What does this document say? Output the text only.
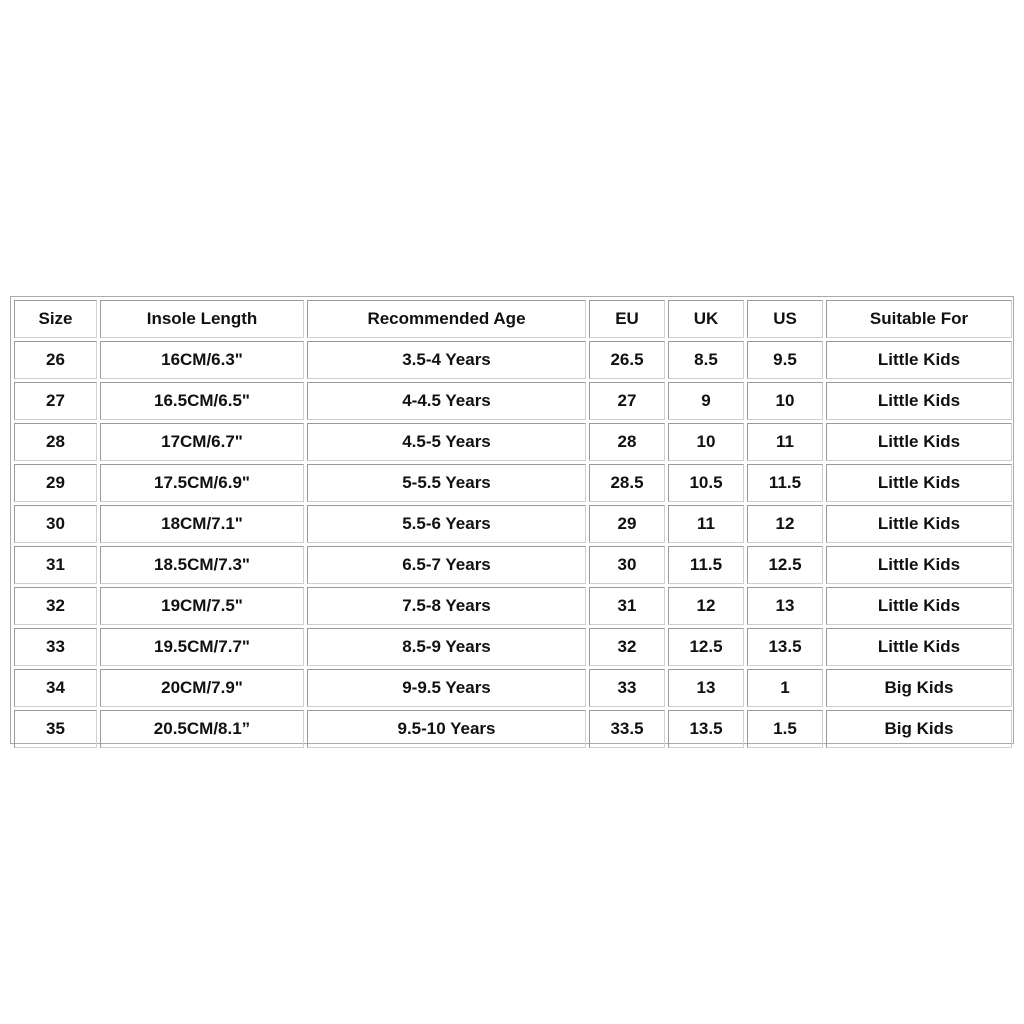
Size	Insole Length	Recommended Age	EU	UK	US	Suitable For
26	16CM/6.3"	3.5-4 Years	26.5	8.5	9.5	Little Kids
27	16.5CM/6.5"	4-4.5 Years	27	9	10	Little Kids
28	17CM/6.7"	4.5-5 Years	28	10	11	Little Kids
29	17.5CM/6.9"	5-5.5 Years	28.5	10.5	11.5	Little Kids
30	18CM/7.1"	5.5-6 Years	29	11	12	Little Kids
31	18.5CM/7.3"	6.5-7 Years	30	11.5	12.5	Little Kids
32	19CM/7.5"	7.5-8 Years	31	12	13	Little Kids
33	19.5CM/7.7"	8.5-9 Years	32	12.5	13.5	Little Kids
34	20CM/7.9"	9-9.5 Years	33	13	1	Big Kids
35	20.5CM/8.1”	9.5-10 Years	33.5	13.5	1.5	Big Kids
